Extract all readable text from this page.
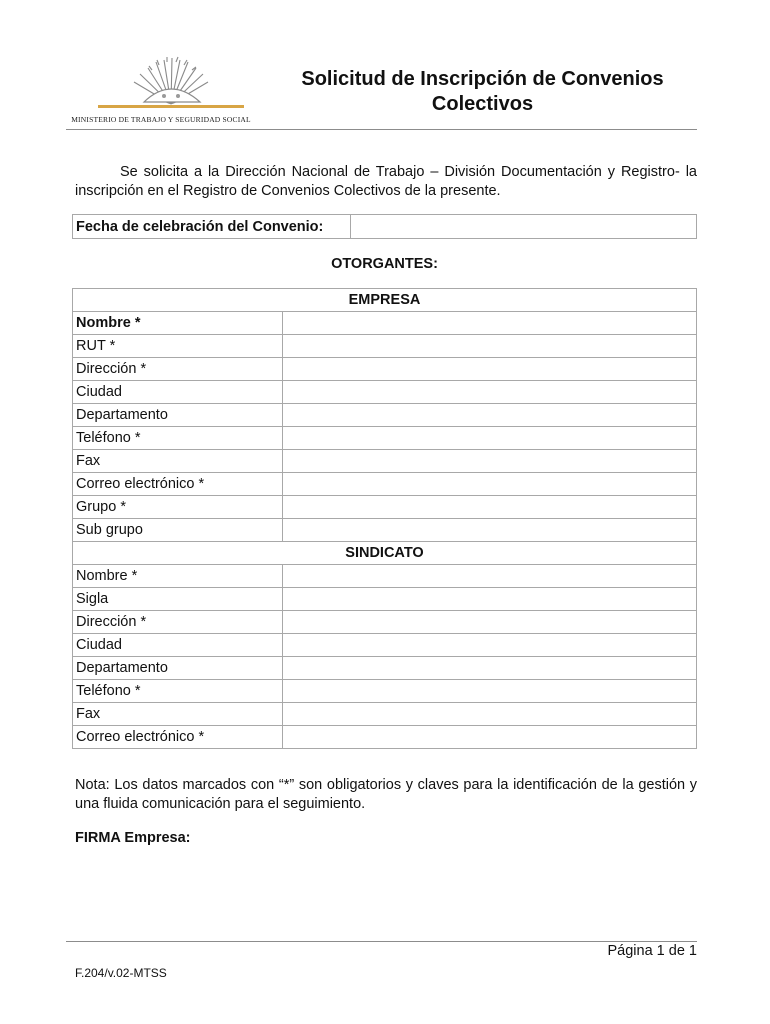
MINISTERIO DE TRABAJO Y SEGURIDAD SOCIAL
Solicitud de Inscripción de Convenios
Colectivos
Se solicita a la Dirección Nacional de Trabajo – División Documentación y Registro- la inscripción en el Registro de Convenios Colectivos de la presente.
Fecha de celebración del Convenio:	
OTORGANTES:
EMPRESA	
Nombre *	
RUT *	
Dirección *	
Ciudad	
Departamento	
Teléfono *	
Fax	
Correo electrónico *	
Grupo *	
Sub grupo	
SINDICATO	
Nombre *	
Sigla	
Dirección *	
Ciudad	
Departamento	
Teléfono *	
Fax	
Correo electrónico *	
Nota: Los datos marcados con “*” son obligatorios y claves para la identificación de la gestión y una fluida comunicación para el seguimiento.
FIRMA Empresa:
Página 1 de 1
F.204/v.02-MTSS
